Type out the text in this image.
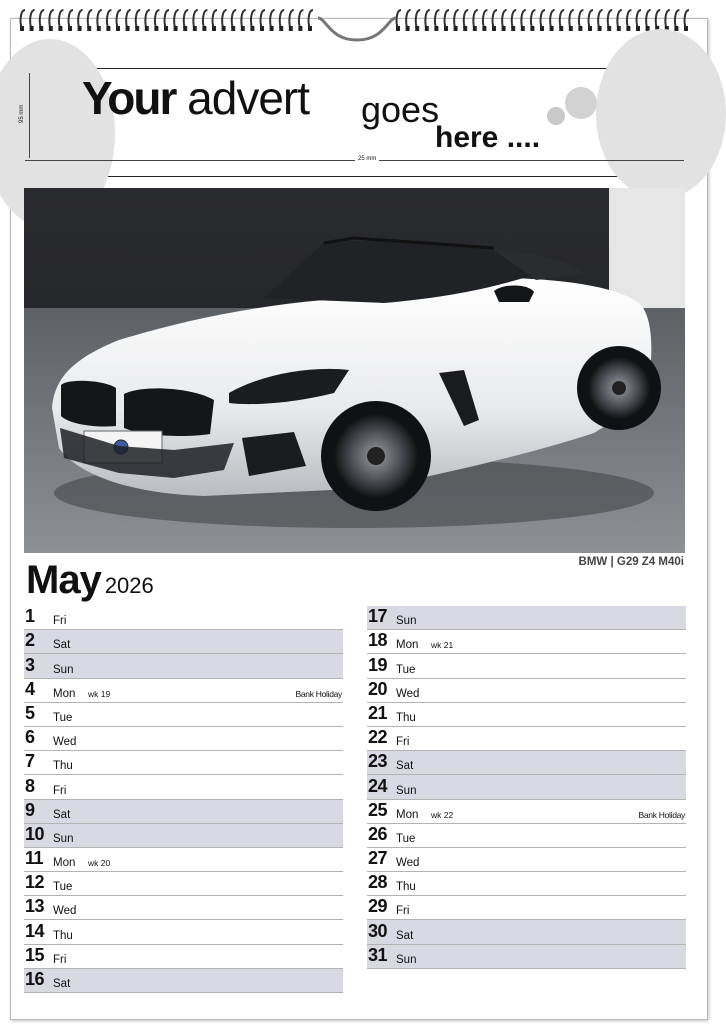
Your advert goes
here ....
95 mm
25 mm
BMW | G29 Z4 M40i
May 2026
1 Fri
2 Sat
3 Sun
4 Mon wk 19	Bank Holiday
5 Tue
6 Wed
7 Thu
8 Fri
9 Sat
10 Sun
11 Mon wk 20
12 Tue
13 Wed
14 Thu
15 Fri
16 Sat
17 Sun
18 Mon wk 21
19 Tue
20 Wed
21 Thu
22 Fri
23 Sat
24 Sun
25 Mon wk 22	Bank Holiday
26 Tue
27 Wed
28 Thu
29 Fri
30 Sat
31 Sun
